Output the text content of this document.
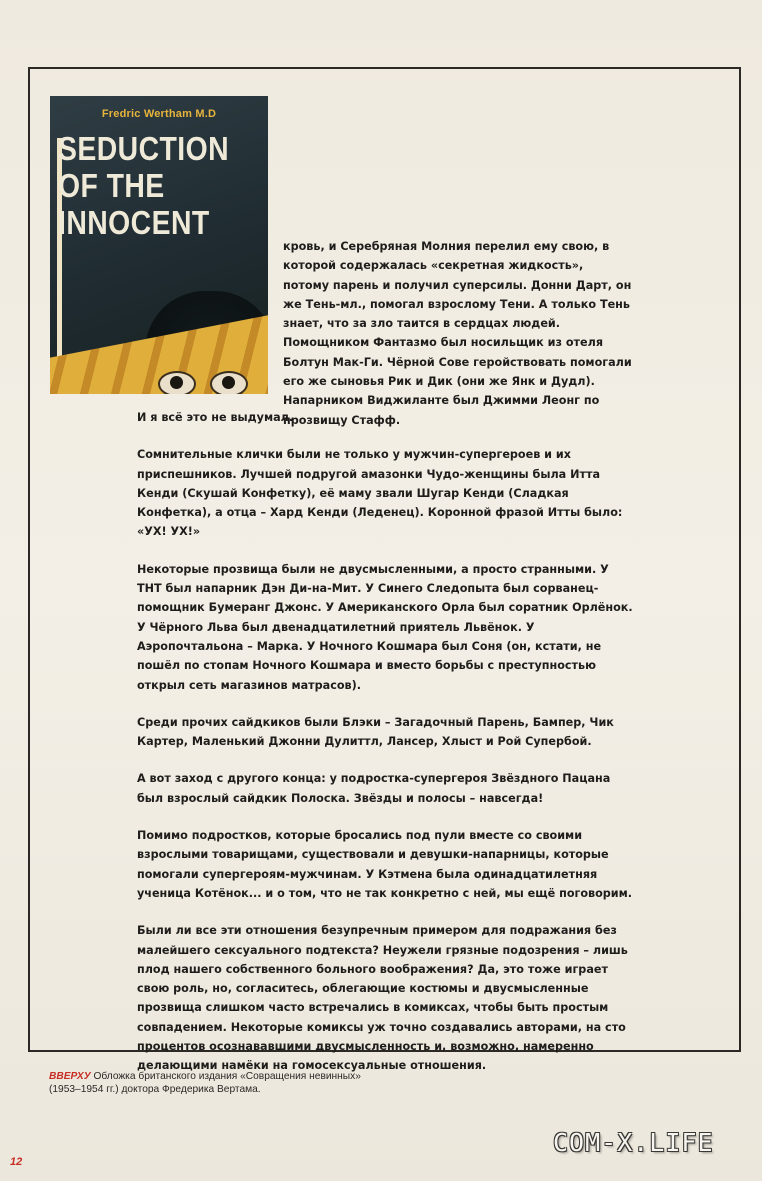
Fredric Wertham M.D
SEDUCTION
OF THE
INNOCENT

кровь, и Серебряная Молния перелил ему свою, в которой содержалась «секретная жидкость», потому парень и получил суперсилы. Донни Дарт, он же Тень-мл., помогал взрослому Тени. А только Тень знает, что за зло таится в сердцах людей. Помощником Фантазмо был носильщик из отеля Болтун Мак-Ги. Чёрной Сове геройствовать помогали его же сыновья Рик и Дик (они же Янк и Дудл). Напарником Виджиланте был Джимми Леонг по прозвищу Стафф.

И я всё это не выдумал.

Сомнительные клички были не только у мужчин-супергероев и их приспешников. Лучшей подругой амазонки Чудо-женщины была Итта Кенди (Скушай Конфетку), её маму звали Шугар Кенди (Сладкая Конфетка), а отца – Хард Кенди (Леденец). Коронной фразой Итты было: «УХ! УХ!»

Некоторые прозвища были не двусмысленными, а просто странными. У ТНТ был напарник Дэн Ди-на-Мит. У Синего Следопыта был сорванец-помощник Бумеранг Джонс. У Американского Орла был соратник Орлёнок. У Чёрного Льва был двенадцатилетний приятель Львёнок. У Аэропочтальона – Марка. У Ночного Кошмара был Соня (он, кстати, не пошёл по стопам Ночного Кошмара и вместо борьбы с преступностью открыл сеть магазинов матрасов).

Среди прочих сайдкиков были Блэки – Загадочный Парень, Бампер, Чик Картер, Маленький Джонни Дулиттл, Лансер, Хлыст и Рой Супербой.

А вот заход с другого конца: у подростка-супергероя Звёздного Пацана был взрослый сайдкик Полоска. Звёзды и полосы – навсегда!

Помимо подростков, которые бросались под пули вместе со своими взрослыми товарищами, существовали и девушки-напарницы, которые помогали супергероям-мужчинам. У Кэтмена была одинадцатилетняя ученица Котёнок... и о том, что не так конкретно с ней, мы ещё поговорим.

Были ли все эти отношения безупречным примером для подражания без малейшего сексуального подтекста? Неужели грязные подозрения – лишь плод нашего собственного больного воображения? Да, это тоже играет свою роль, но, согласитесь, облегающие костюмы и двусмысленные прозвища слишком часто встречались в комиксах, чтобы быть простым совпадением. Некоторые комиксы уж точно создавались авторами, на сто процентов осознававшими двусмысленность и, возможно, намеренно делающими намёки на гомосексуальные отношения.

ВВЕРХУ Обложка британского издания «Совращения невинных» (1953–1954 гг.) доктора Фредерика Вертама.
12
COM-X.LIFE
